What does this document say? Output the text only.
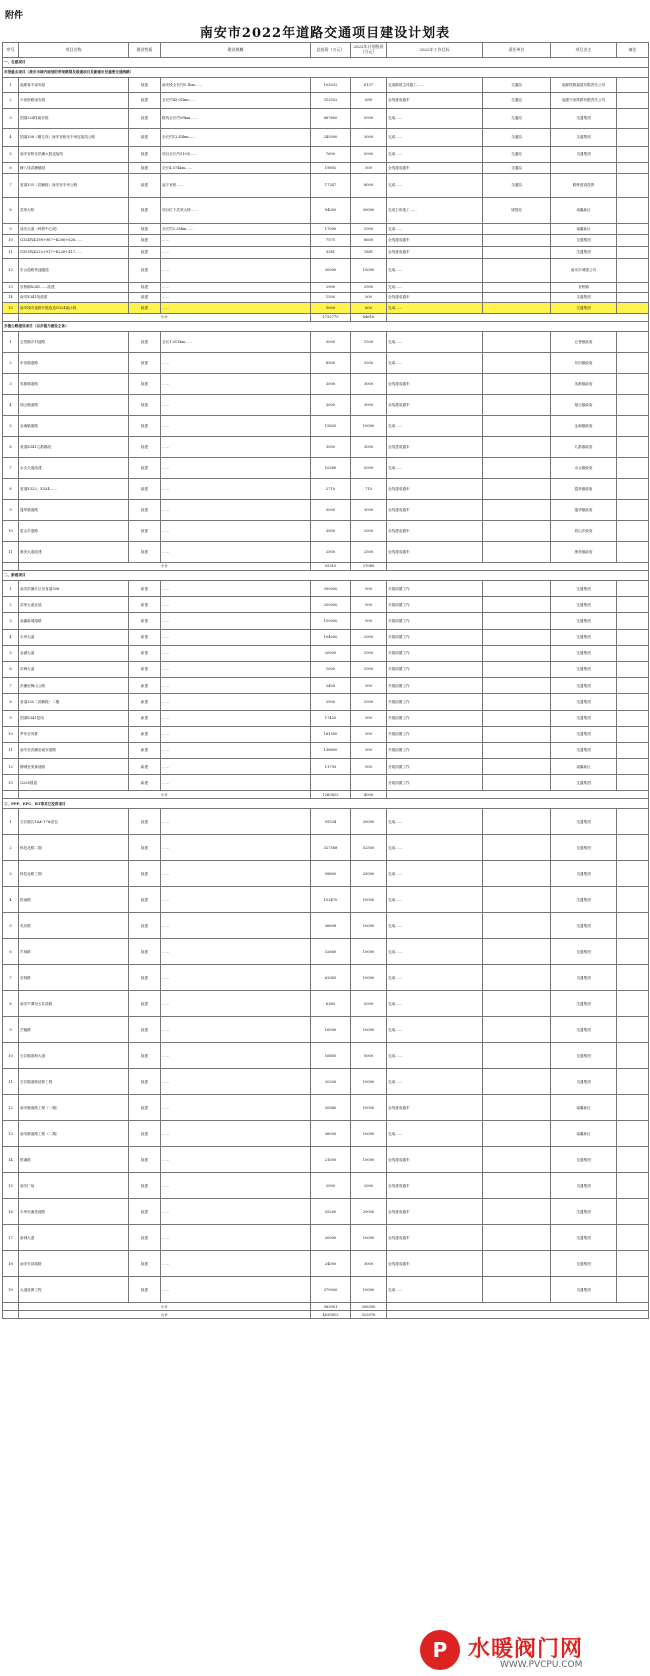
附件
南安市2022年道路交通项目建设计划表
序号	项目名称	建设性质	建设规模	总投资（万元）	2022年计划投资（万元）	2022年工作目标	责任单位	项目业主	备注	
一、在建项目										
市级重点项目（我市市域内规划的骨架路网及联通项目及新建市县重要交通线路）										
1	福厦客专南安段	续建	南安段全长约9.1km……	103032	6137	完成路基主体施工……	交通局	福厦铁路福建有限责任公司		
2	兴泉铁路南安段	续建	全长约49.01km……	312552	698	全线建成通车	交通局	福建兴泉铁路有限责任公司		
3	国道324线南安段	续建	路线全长约59km……	867600	5000	完成……	交通局	交通集团		
4	国道358（顺九线）南安官桥至丰州连接线公路	续建	全长约12.43km……	245500	3000	完成……	交通局	交通集团		
5	南安官桥至洪濑大桥连接线	续建	项目全长约510米……	7600	5000	完成……	交通局	交通集团		
6	横八线洪濑镇段	续建	全长4.074km……	19892	500	全线建成通车	交通局			
7	省道335（洪濑段）南安至丰州公路	续建	起于官桥……	17247	8000	完成……	交通局	路桥建设投资		
8	武荣大桥	续建	项目位于武荣大桥……	94000	30000	完成主体施工……	城管局	南翼新区		
9	成功大道（科教中心段）	续建	全长约2.35km……	17000	1000	完成……		南翼新区		
10	G324线K198+987~K206+626……	续建	……	7575	6600	全线建成通车		交通集团		
11	G355线K222+917~K226+417……	续建	……	3381	1881	全线建成通车		交通集团		
12	东山道路快速通道	续建	……	30000	15000	完成……		南安市城建公司		
13	官桥镇X341……改建	续建	……	2900	2900	完成……		官桥镇		
14	南安X341线改建	续建	……	1500	300	全线建成通车		交通集团		
15	南安城市道路升级改造G324南沙段	续建	……	3000	600	完成……		交通集团		
	小计			1732779	84616					
乡镇公路建设项目（以乡镇为建设主体）										
1	仑苍镇乡村道路	续建	全长1.011km……	3000	1500	完成……		仑苍镇政府		
2	东田镇道路	续建	……	6500	3300	完成……		东田镇政府		
3	英都镇道路	续建	……	3000	3000	全线建成通车		英都镇政府		
4	翔云镇道路	续建	……	3000	3000	全线建成通车		翔云镇政府		
5	金淘镇道路	续建	……	15820	10000	完成……		金淘镇政府		
6	省道X341九都镇段	续建	……	3000	3000	全线建成通车		九都镇政府		
7	水头大道改建	续建	……	10280	5000	完成……		水头镇政府		
8	省道X323、X354……	续建	……	2710	710	全线建成通车		霞美镇政府		
9	蓬华镇道路	续建	……	3000	3000	全线建成通车		蓬华镇政府		
10	眉山乡道路	续建	……	3000	2000	全线建成通车		眉山乡政府		
11	康美大道改建	续建	……	2500	2500	全线建成通车		康美镇政府		
	小计			55310	27060					
二、新建项目										
1	南安洪濑片区至省道308	新建	……	390000	500	开展前期工作		交通集团		
2	武荣大道北延	新建	……	250000	500	开展前期工作		交通集团		
3	南翼新城道路	新建	……	150000	500	开展前期工作		交通集团		
4	丰州大道	新建	……	104000	2000	开展前期工作		交通集团		
5	金湖大道	新建	……	20000	1000	开展前期工作		交通集团		
6	洪梅大道	新建	……	1000	1000	开展前期工作		交通集团		
7	洪濑至梅山公路	新建	……	2400	500	开展前期工作		交通集团		
8	省道335（洪濑段）二期	新建	……	2500	1000	开展前期工作		交通集团		
9	国道X341复线	新建	……	17420	500	开展前期工作		交通集团		
10	罗东至英都	新建	……	181500	500	开展前期工作		交通集团		
11	南安至洪濑至南安道路	新建	……	136800	500	开展前期工作		交通集团		
12	柳城至美林道路	新建	……	11793	500	开展前期工作		南翼新区		
13	G228国道	新建	……			开展前期工作		交通集团		
	小计			1265823	4000					
三、PPP、EPC、BT等其它投资项目										
1	石井港区16#-17#泊位	续建	……	95534	20000	完成……		交通集团		
2	科技北路二期	续建	……	327568	52500	完成……		交通集团		
3	科技北路三期	续建	……	58800	25000	完成……		交通集团		
4	梧南路	续建	……	102470	10000	完成……		交通集团		
5	英东路	续建	……	36698	10000	完成……		交通集团		
6	芦林路	续建	……	32880	10000	完成……		交通集团		
7	后林路	续建	……	62983	10000	完成……		交通集团		
8	南安芦潭至石井道路	续建	……	6365	5000	完成……		交通集团		
9	芒幅路	续建	……	16500	10000	完成……		交通集团		
10	石井镇滨海大道	续建	……	16885	5000	完成……		交通集团		
11	石井镇道路延伸工程	续建	……	20200	10000	完成……		交通集团		
12	南安镇道路工程（一期）	续建	……	20540	10000	全线建成通车		南翼新区		
13	南安镇道路工程（二期）	续建	……	36000	10000	完成……		南翼新区		
14	梧溪路	续建	……	21000	10000	全线建成通车		交通集团		
15	南安广场	续建	……	2000	2000	全线建成通车		交通集团		
16	丰州至溪美道路	续建	……	35200	20000	全线建成通车		交通集团		
17	新城大道	续建	……	20000	10000	全线建成通车		交通集团		
18	南安东部道路	续建	……	24000	3000	全线建成通车		交通集团		
19	大道延伸工程	续建	……	370000	10000	完成……		交通集团		
	小计			583901	208300					
	合计			4035813	323976					
P 水暖阀门网
WWW.PVCPU.COM
